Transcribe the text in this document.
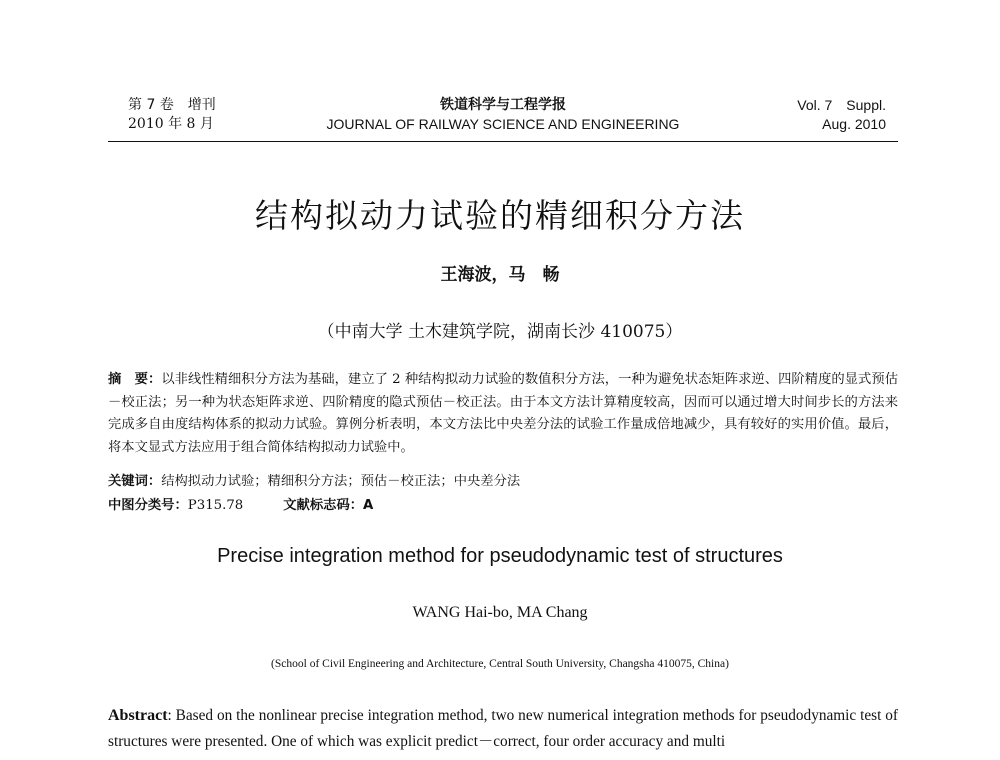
第 7 卷　增刊
2010 年 8 月
铁道科学与工程学报
JOURNAL OF RAILWAY SCIENCE AND ENGINEERING
Vol. 7　Suppl.
Aug. 2010
结构拟动力试验的精细积分方法
王海波，马　畅
（中南大学 土木建筑学院，湖南长沙 410075）
摘　要：以非线性精细积分方法为基础，建立了 2 种结构拟动力试验的数值积分方法，一种为避免状态矩阵求逆、四阶精度的显式预估－校正法；另一种为状态矩阵求逆、四阶精度的隐式预估－校正法。由于本文方法计算精度较高，因而可以通过增大时间步长的方法来完成多自由度结构体系的拟动力试验。算例分析表明，本文方法比中央差分法的试验工作量成倍地减少，具有较好的实用价值。最后，将本文显式方法应用于组合简体结构拟动力试验中。
关键词：结构拟动力试验；精细积分方法；预估－校正法；中央差分法
中图分类号：P315.78	文献标志码：A
Precise integration method for pseudodynamic test of structures
WANG Hai-bo, MA Chang
(School of Civil Engineering and Architecture, Central South University, Changsha 410075, China)
Abstract: Based on the nonlinear precise integration method, two new numerical integration methods for pseudodynamic test of structures were presented. One of which was explicit predict－correct, four order accuracy and multi
